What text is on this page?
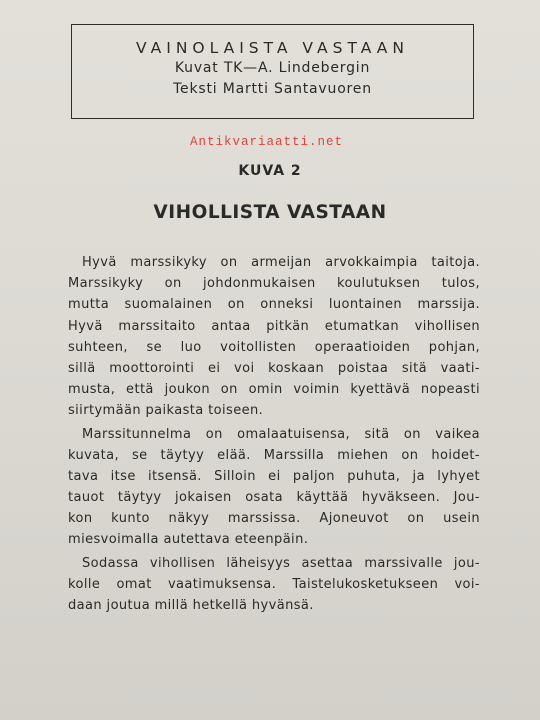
VAINOLAISTA VASTAAN
Kuvat TK—A. Lindebergin
Teksti Martti Santavuoren
Antikvariaatti.net
KUVA 2
VIHOLLISTA VASTAAN
Hyvä marssikyky on armeijan arvokkaimpia taitoja.
Marssikyky on johdonmukaisen koulutuksen tulos,
mutta suomalainen on onneksi luontainen marssija.
Hyvä marssitaito antaa pitkän etumatkan vihollisen
suhteen, se luo voitollisten operaatioiden pohjan,
sillä moottorointi ei voi koskaan poistaa sitä vaati-
musta, että joukon on omin voimin kyettävä nopeasti
siirtymään paikasta toiseen.
Marssitunnelma on omalaatuisensa, sitä on vaikea
kuvata, se täytyy elää. Marssilla miehen on hoidet-
tava itse itsensä. Silloin ei paljon puhuta, ja lyhyet
tauot täytyy jokaisen osata käyttää hyväkseen. Jou-
kon kunto näkyy marssissa. Ajoneuvot on usein
miesvoimalla autettava eteenpäin.
Sodassa vihollisen läheisyys asettaa marssivalle jou-
kolle omat vaatimuksensa. Taistelukosketukseen voi-
daan joutua millä hetkellä hyvänsä.
